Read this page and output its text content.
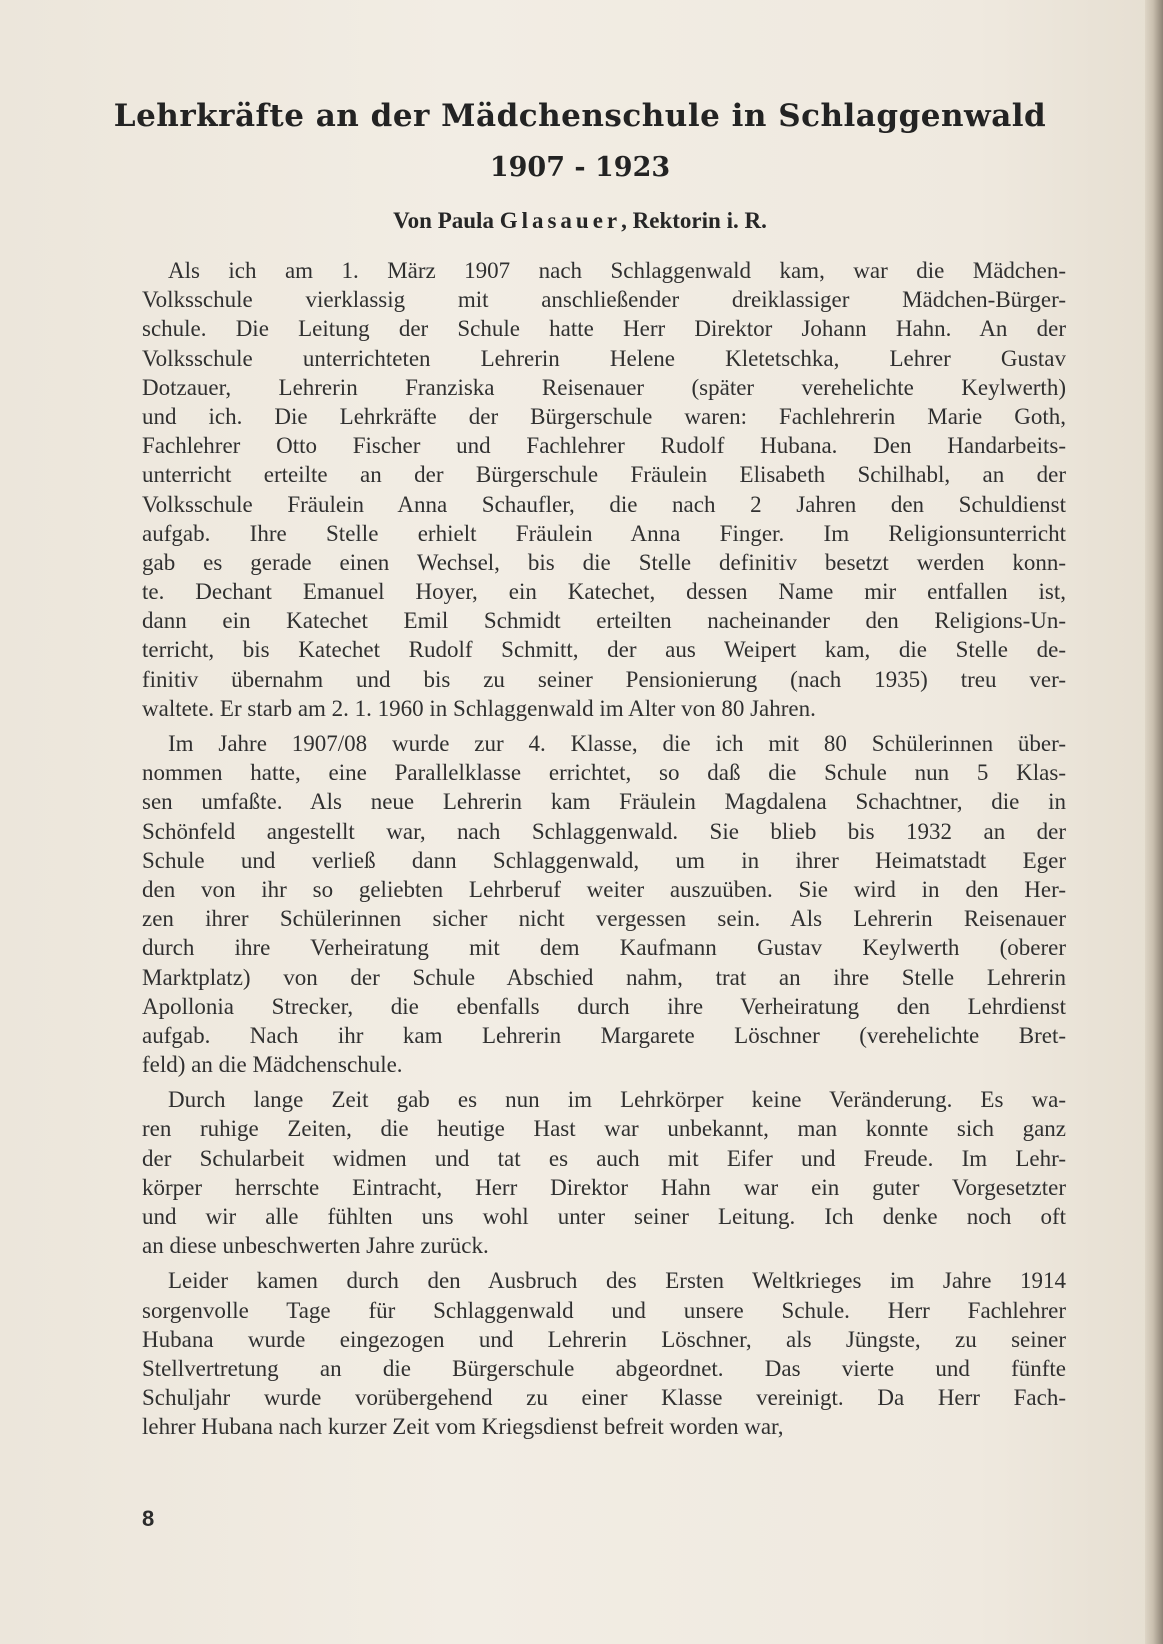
Lehrkräfte an der Mädchenschule in Schlaggenwald
1907 - 1923
Von Paula Glasauer, Rektorin i. R.
Als ich am 1. März 1907 nach Schlaggenwald kam, war die Mädchen-
Volksschule vierklassig mit anschließender dreiklassiger Mädchen-Bürger-
schule. Die Leitung der Schule hatte Herr Direktor Johann Hahn. An der
Volksschule unterrichteten Lehrerin Helene Kletetschka, Lehrer Gustav
Dotzauer, Lehrerin Franziska Reisenauer (später verehelichte Keylwerth)
und ich. Die Lehrkräfte der Bürgerschule waren: Fachlehrerin Marie Goth,
Fachlehrer Otto Fischer und Fachlehrer Rudolf Hubana. Den Handarbeits-
unterricht erteilte an der Bürgerschule Fräulein Elisabeth Schilhabl, an der
Volksschule Fräulein Anna Schaufler, die nach 2 Jahren den Schuldienst
aufgab. Ihre Stelle erhielt Fräulein Anna Finger. Im Religionsunterricht
gab es gerade einen Wechsel, bis die Stelle definitiv besetzt werden konn-
te. Dechant Emanuel Hoyer, ein Katechet, dessen Name mir entfallen ist,
dann ein Katechet Emil Schmidt erteilten nacheinander den Religions-Un-
terricht, bis Katechet Rudolf Schmitt, der aus Weipert kam, die Stelle de-
finitiv übernahm und bis zu seiner Pensionierung (nach 1935) treu ver-
waltete. Er starb am 2. 1. 1960 in Schlaggenwald im Alter von 80 Jahren.
Im Jahre 1907/08 wurde zur 4. Klasse, die ich mit 80 Schülerinnen über-
nommen hatte, eine Parallelklasse errichtet, so daß die Schule nun 5 Klas-
sen umfaßte. Als neue Lehrerin kam Fräulein Magdalena Schachtner, die in
Schönfeld angestellt war, nach Schlaggenwald. Sie blieb bis 1932 an der
Schule und verließ dann Schlaggenwald, um in ihrer Heimatstadt Eger
den von ihr so geliebten Lehrberuf weiter auszuüben. Sie wird in den Her-
zen ihrer Schülerinnen sicher nicht vergessen sein. Als Lehrerin Reisenauer
durch ihre Verheiratung mit dem Kaufmann Gustav Keylwerth (oberer
Marktplatz) von der Schule Abschied nahm, trat an ihre Stelle Lehrerin
Apollonia Strecker, die ebenfalls durch ihre Verheiratung den Lehrdienst
aufgab. Nach ihr kam Lehrerin Margarete Löschner (verehelichte Bret-
feld) an die Mädchenschule.
Durch lange Zeit gab es nun im Lehrkörper keine Veränderung. Es wa-
ren ruhige Zeiten, die heutige Hast war unbekannt, man konnte sich ganz
der Schularbeit widmen und tat es auch mit Eifer und Freude. Im Lehr-
körper herrschte Eintracht, Herr Direktor Hahn war ein guter Vorgesetzter
und wir alle fühlten uns wohl unter seiner Leitung. Ich denke noch oft
an diese unbeschwerten Jahre zurück.
Leider kamen durch den Ausbruch des Ersten Weltkrieges im Jahre 1914
sorgenvolle Tage für Schlaggenwald und unsere Schule. Herr Fachlehrer
Hubana wurde eingezogen und Lehrerin Löschner, als Jüngste, zu seiner
Stellvertretung an die Bürgerschule abgeordnet. Das vierte und fünfte
Schuljahr wurde vorübergehend zu einer Klasse vereinigt. Da Herr Fach-
lehrer Hubana nach kurzer Zeit vom Kriegsdienst befreit worden war,
8
